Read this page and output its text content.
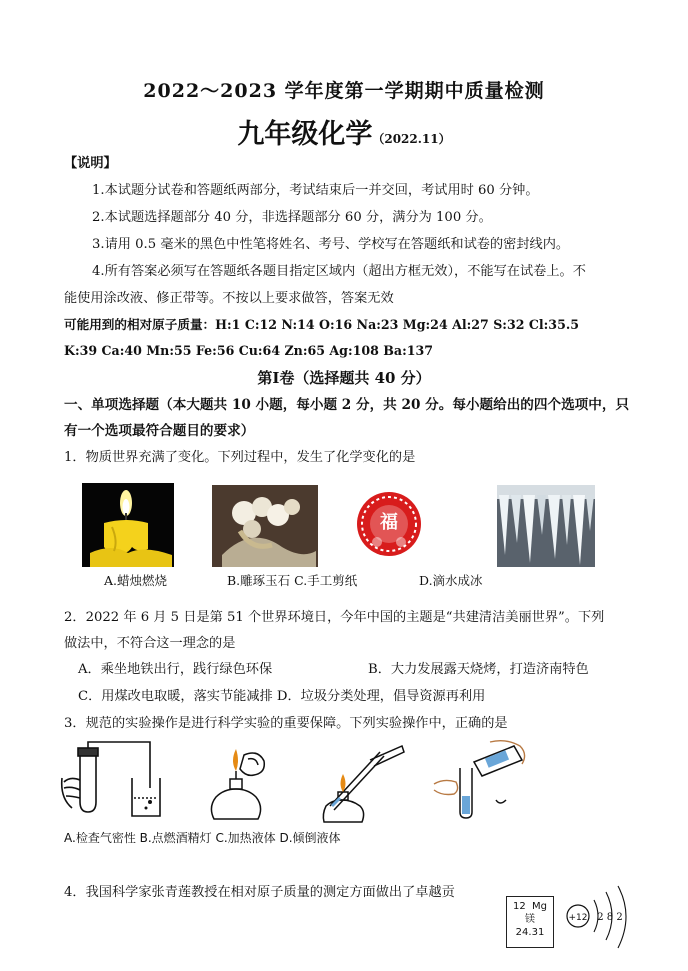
2022～2023 学年度第一学期期中质量检测
九年级化学（2022.11）
【说明】
1.本试题分试卷和答题纸两部分，考试结束后一并交回，考试用时 60 分钟。
2.本试题选择题部分 40 分，非选择题部分 60 分，满分为 100 分。
3.请用 0.5 毫米的黑色中性笔将姓名、考号、学校写在答题纸和试卷的密封线内。
4.所有答案必须写在答题纸各题目指定区域内（超出方框无效），不能写在试卷上。不
能使用涂改液、修正带等。不按以上要求做答，答案无效
可能用到的相对原子质量：H:1 C:12 N:14 O:16 Na:23 Mg:24 Al:27 S:32 Cl:35.5
K:39 Ca:40 Mn:55 Fe:56 Cu:64 Zn:65 Ag:108 Ba:137
第Ⅰ卷（选择题共 40 分）
一、单项选择题（本大题共 10 小题，每小题 2 分，共 20 分。每小题给出的四个选项中，只
有一个选项最符合题目的要求）
1．物质世界充满了变化。下列过程中，发生了化学变化的是
福
A.蜡烛燃烧	B.雕琢玉石 C.手工剪纸	D.滴水成冰
2．2022 年 6 月 5 日是第 51 个世界环境日，今年中国的主题是“共建清洁美丽世界”。下列
做法中，不符合这一理念的是
A．乘坐地铁出行，践行绿色环保	B．大力发展露天烧烤，打造济南特色
C．用煤改电取暖，落实节能减排 D．垃圾分类处理，倡导资源再利用
3．规范的实验操作是进行科学实验的重要保障。下列实验操作中，正确的是
A.检查气密性 B.点燃酒精灯 C.加热液体 D.倾倒液体
4．我国科学家张青莲教授在相对原子质量的测定方面做出了卓越贡
12 Mg
镁
24.31
+12 2 8 2
